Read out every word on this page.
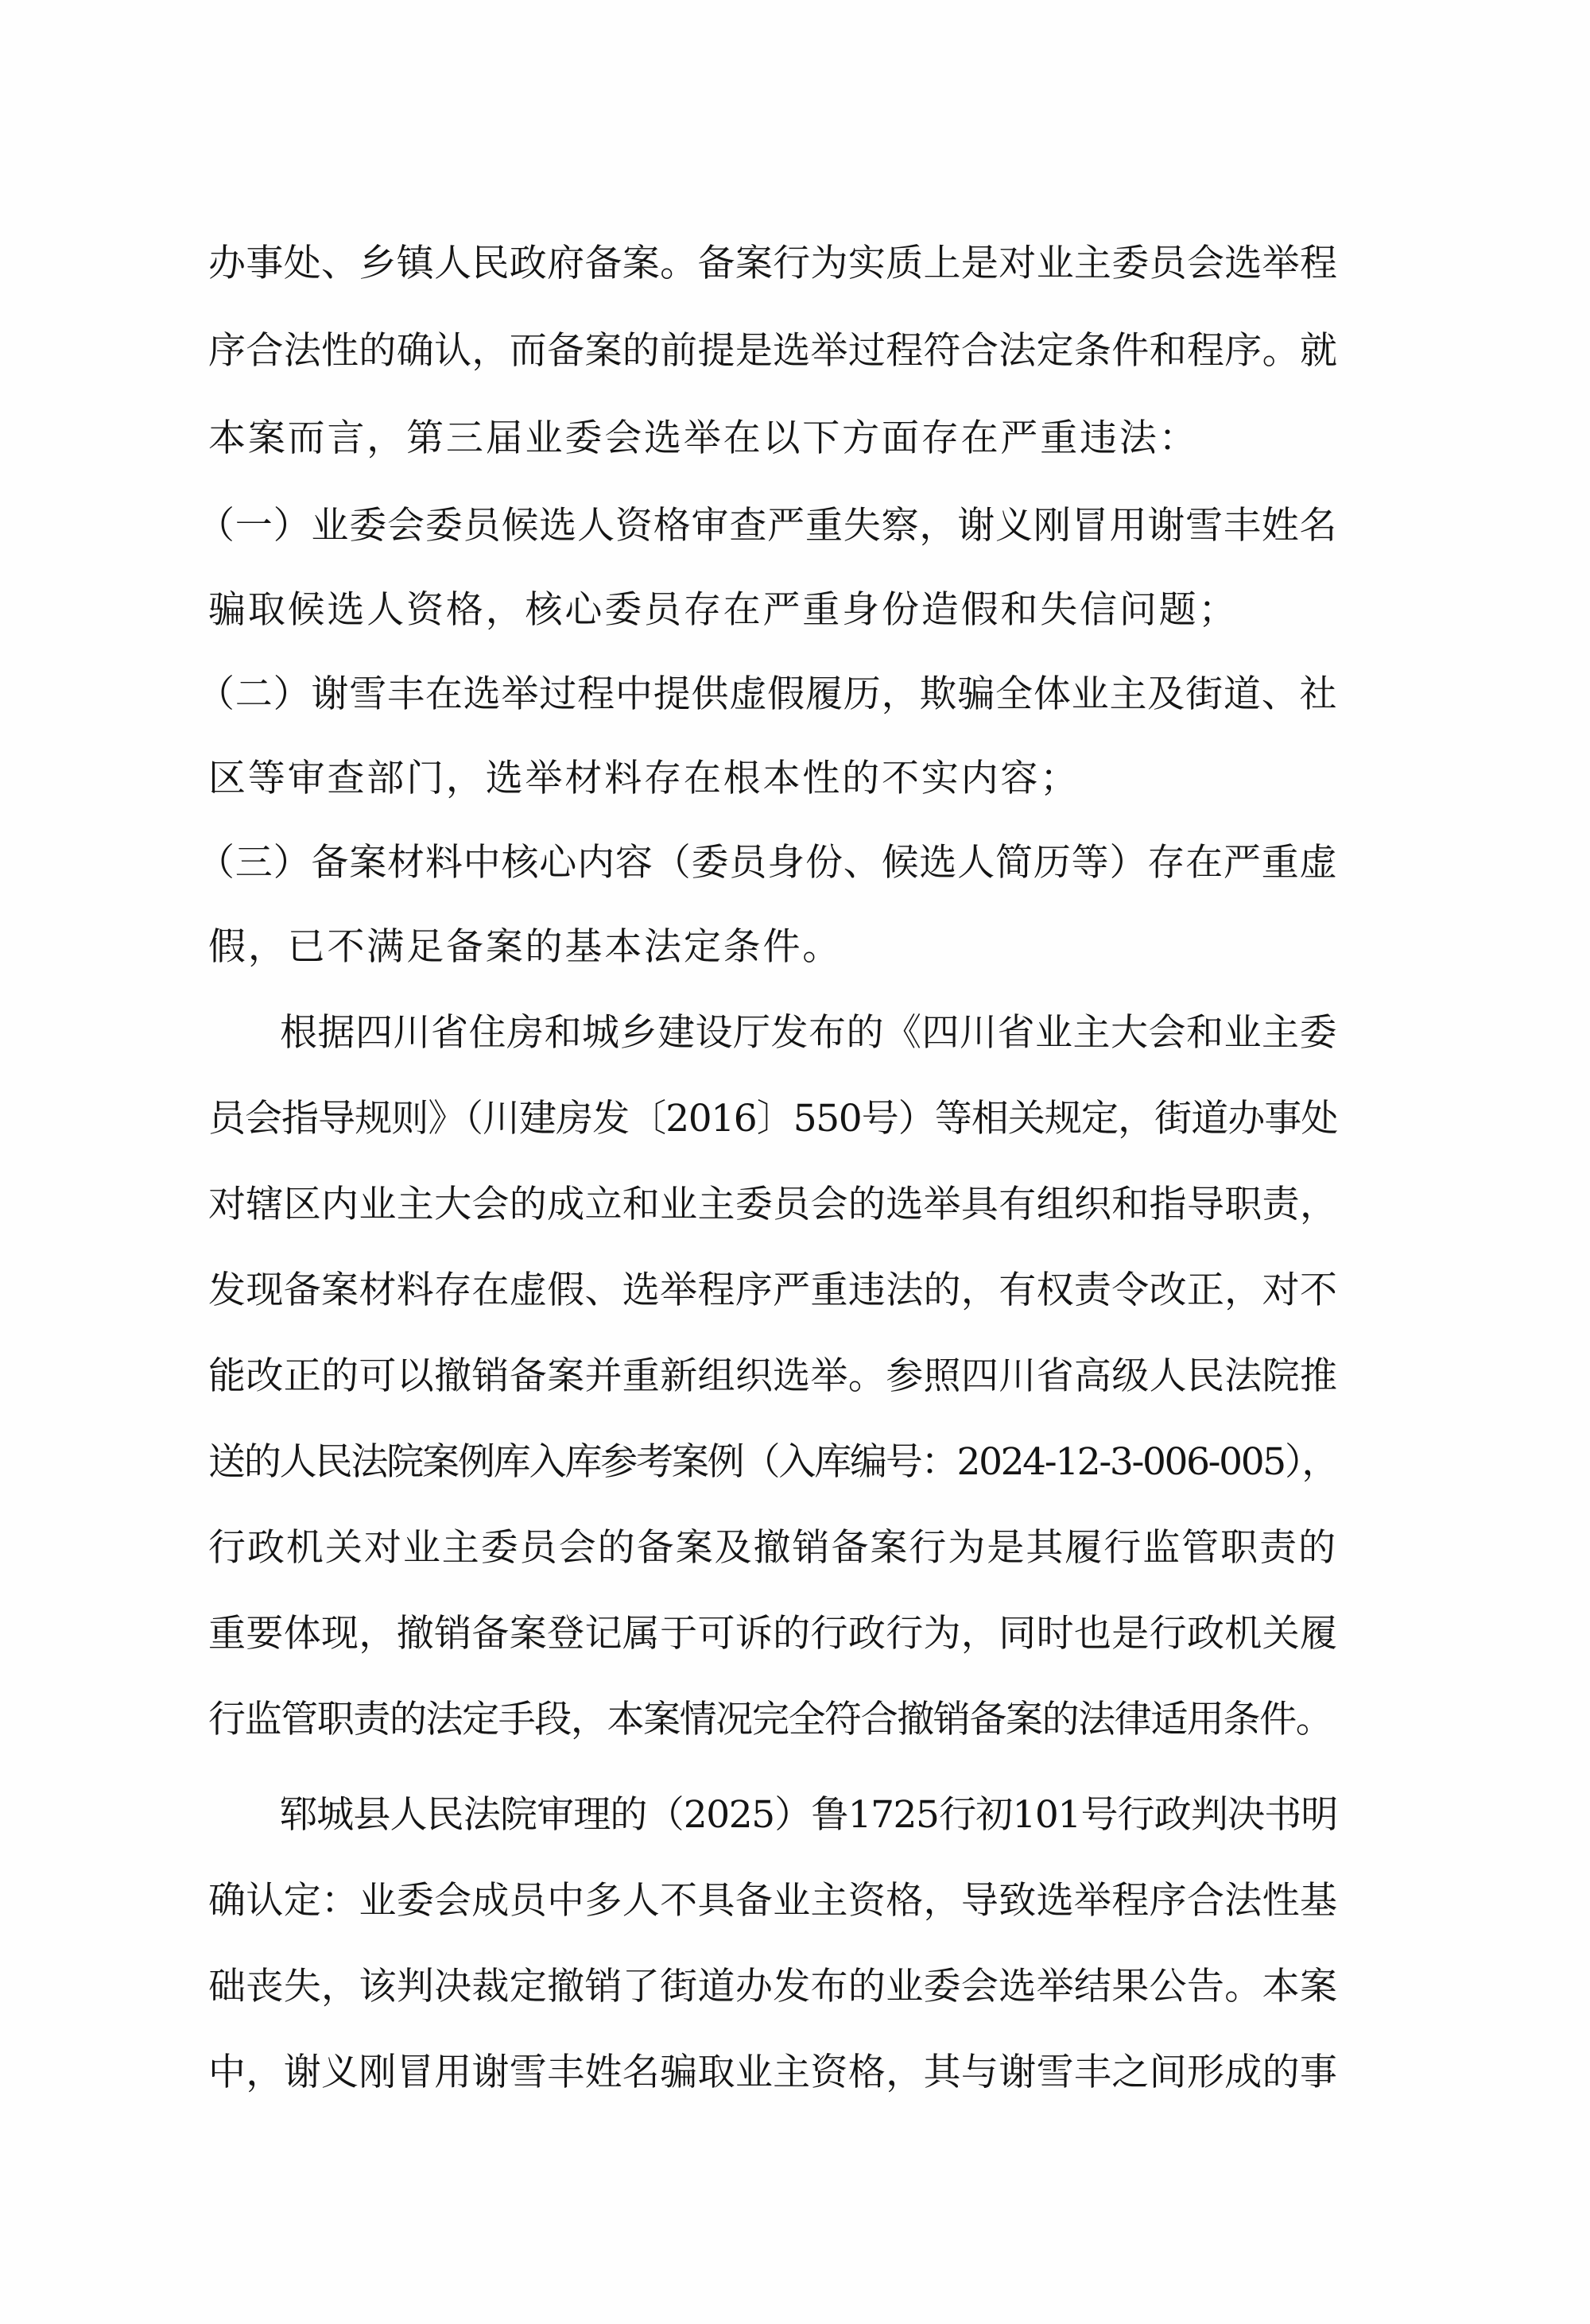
办事处、乡镇人民政府备案。备案行为实质上是对业主委员会选举程
序合法性的确认，而备案的前提是选举过程符合法定条件和程序。就
本案而言，第三届业委会选举在以下方面存在严重违法：
（一）业委会委员候选人资格审查严重失察，谢义刚冒用谢雪丰姓名
骗取候选人资格，核心委员存在严重身份造假和失信问题；
（二）谢雪丰在选举过程中提供虚假履历，欺骗全体业主及街道、社
区等审查部门，选举材料存在根本性的不实内容；
（三）备案材料中核心内容（委员身份、候选人简历等）存在严重虚
假，已不满足备案的基本法定条件。
根据四川省住房和城乡建设厅发布的《四川省业主大会和业主委
员会指导规则》（川建房发〔2016〕550号）等相关规定，街道办事处
对辖区内业主大会的成立和业主委员会的选举具有组织和指导职责，
发现备案材料存在虚假、选举程序严重违法的，有权责令改正，对不
能改正的可以撤销备案并重新组织选举。参照四川省高级人民法院推
送的人民法院案例库入库参考案例（入库编号：2024-12-3-006-005），
行政机关对业主委员会的备案及撤销备案行为是其履行监管职责的
重要体现，撤销备案登记属于可诉的行政行为，同时也是行政机关履
行监管职责的法定手段，本案情况完全符合撤销备案的法律适用条件。
郓城县人民法院审理的（2025）鲁1725行初101号行政判决书明
确认定：业委会成员中多人不具备业主资格，导致选举程序合法性基
础丧失，该判决裁定撤销了街道办发布的业委会选举结果公告。本案
中，谢义刚冒用谢雪丰姓名骗取业主资格，其与谢雪丰之间形成的事
